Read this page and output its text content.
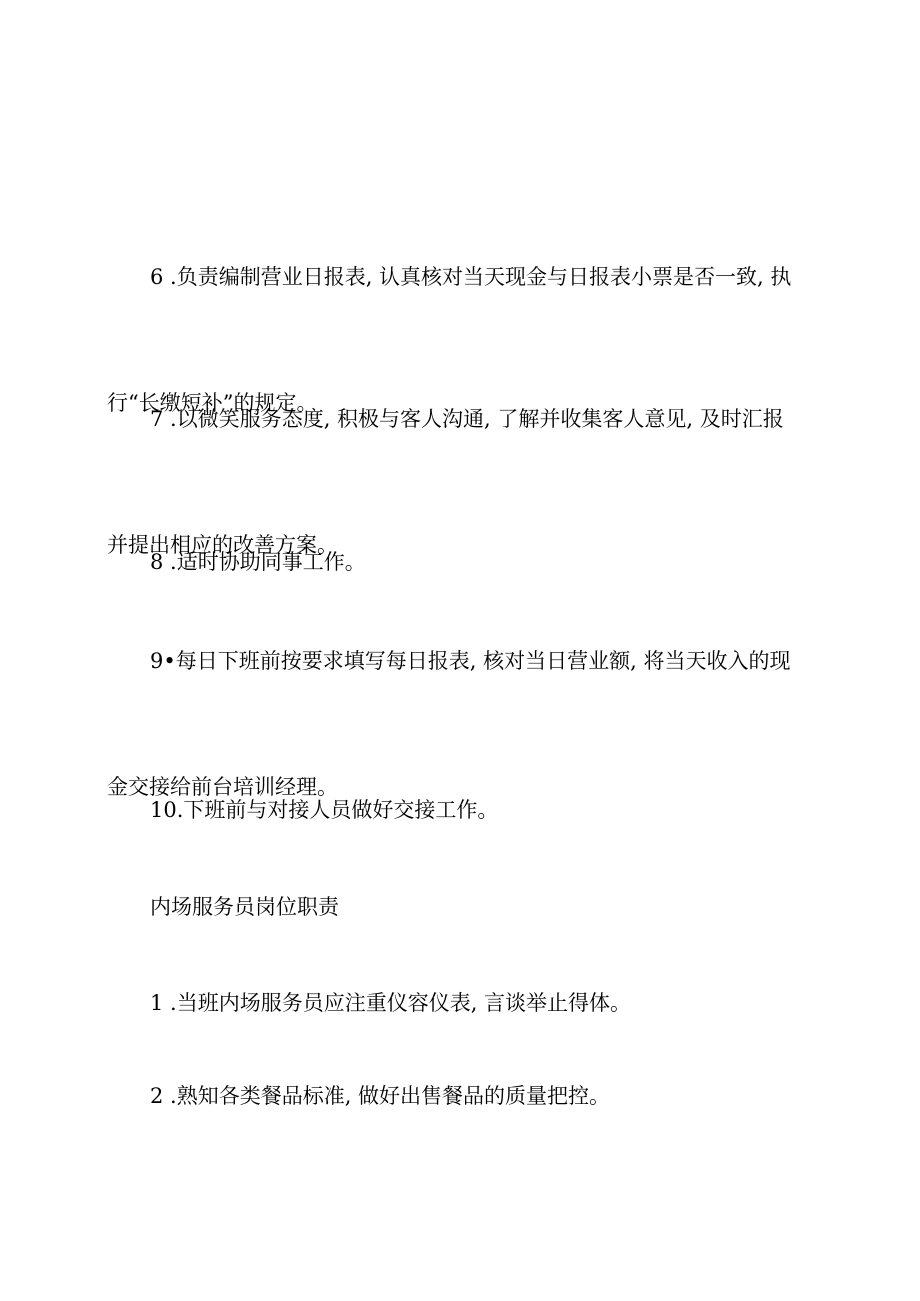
6 .负责编制营业日报表, 认真核对当天现金与日报表小票是否一致, 执

行“长缴短补”的规定。

7 .以微笑服务态度, 积极与客人沟通, 了解并收集客人意见, 及时汇报

并提出相应的改善方案。

8 .适时协助同事工作。

9•每日下班前按要求填写每日报表, 核对当日营业额, 将当天收入的现

金交接给前台培训经理。

10.下班前与对接人员做好交接工作。

内场服务员岗位职责

1 .当班内场服务员应注重仪容仪表, 言谈举止得体。

2 .熟知各类餐品标准, 做好出售餐品的质量把控。
